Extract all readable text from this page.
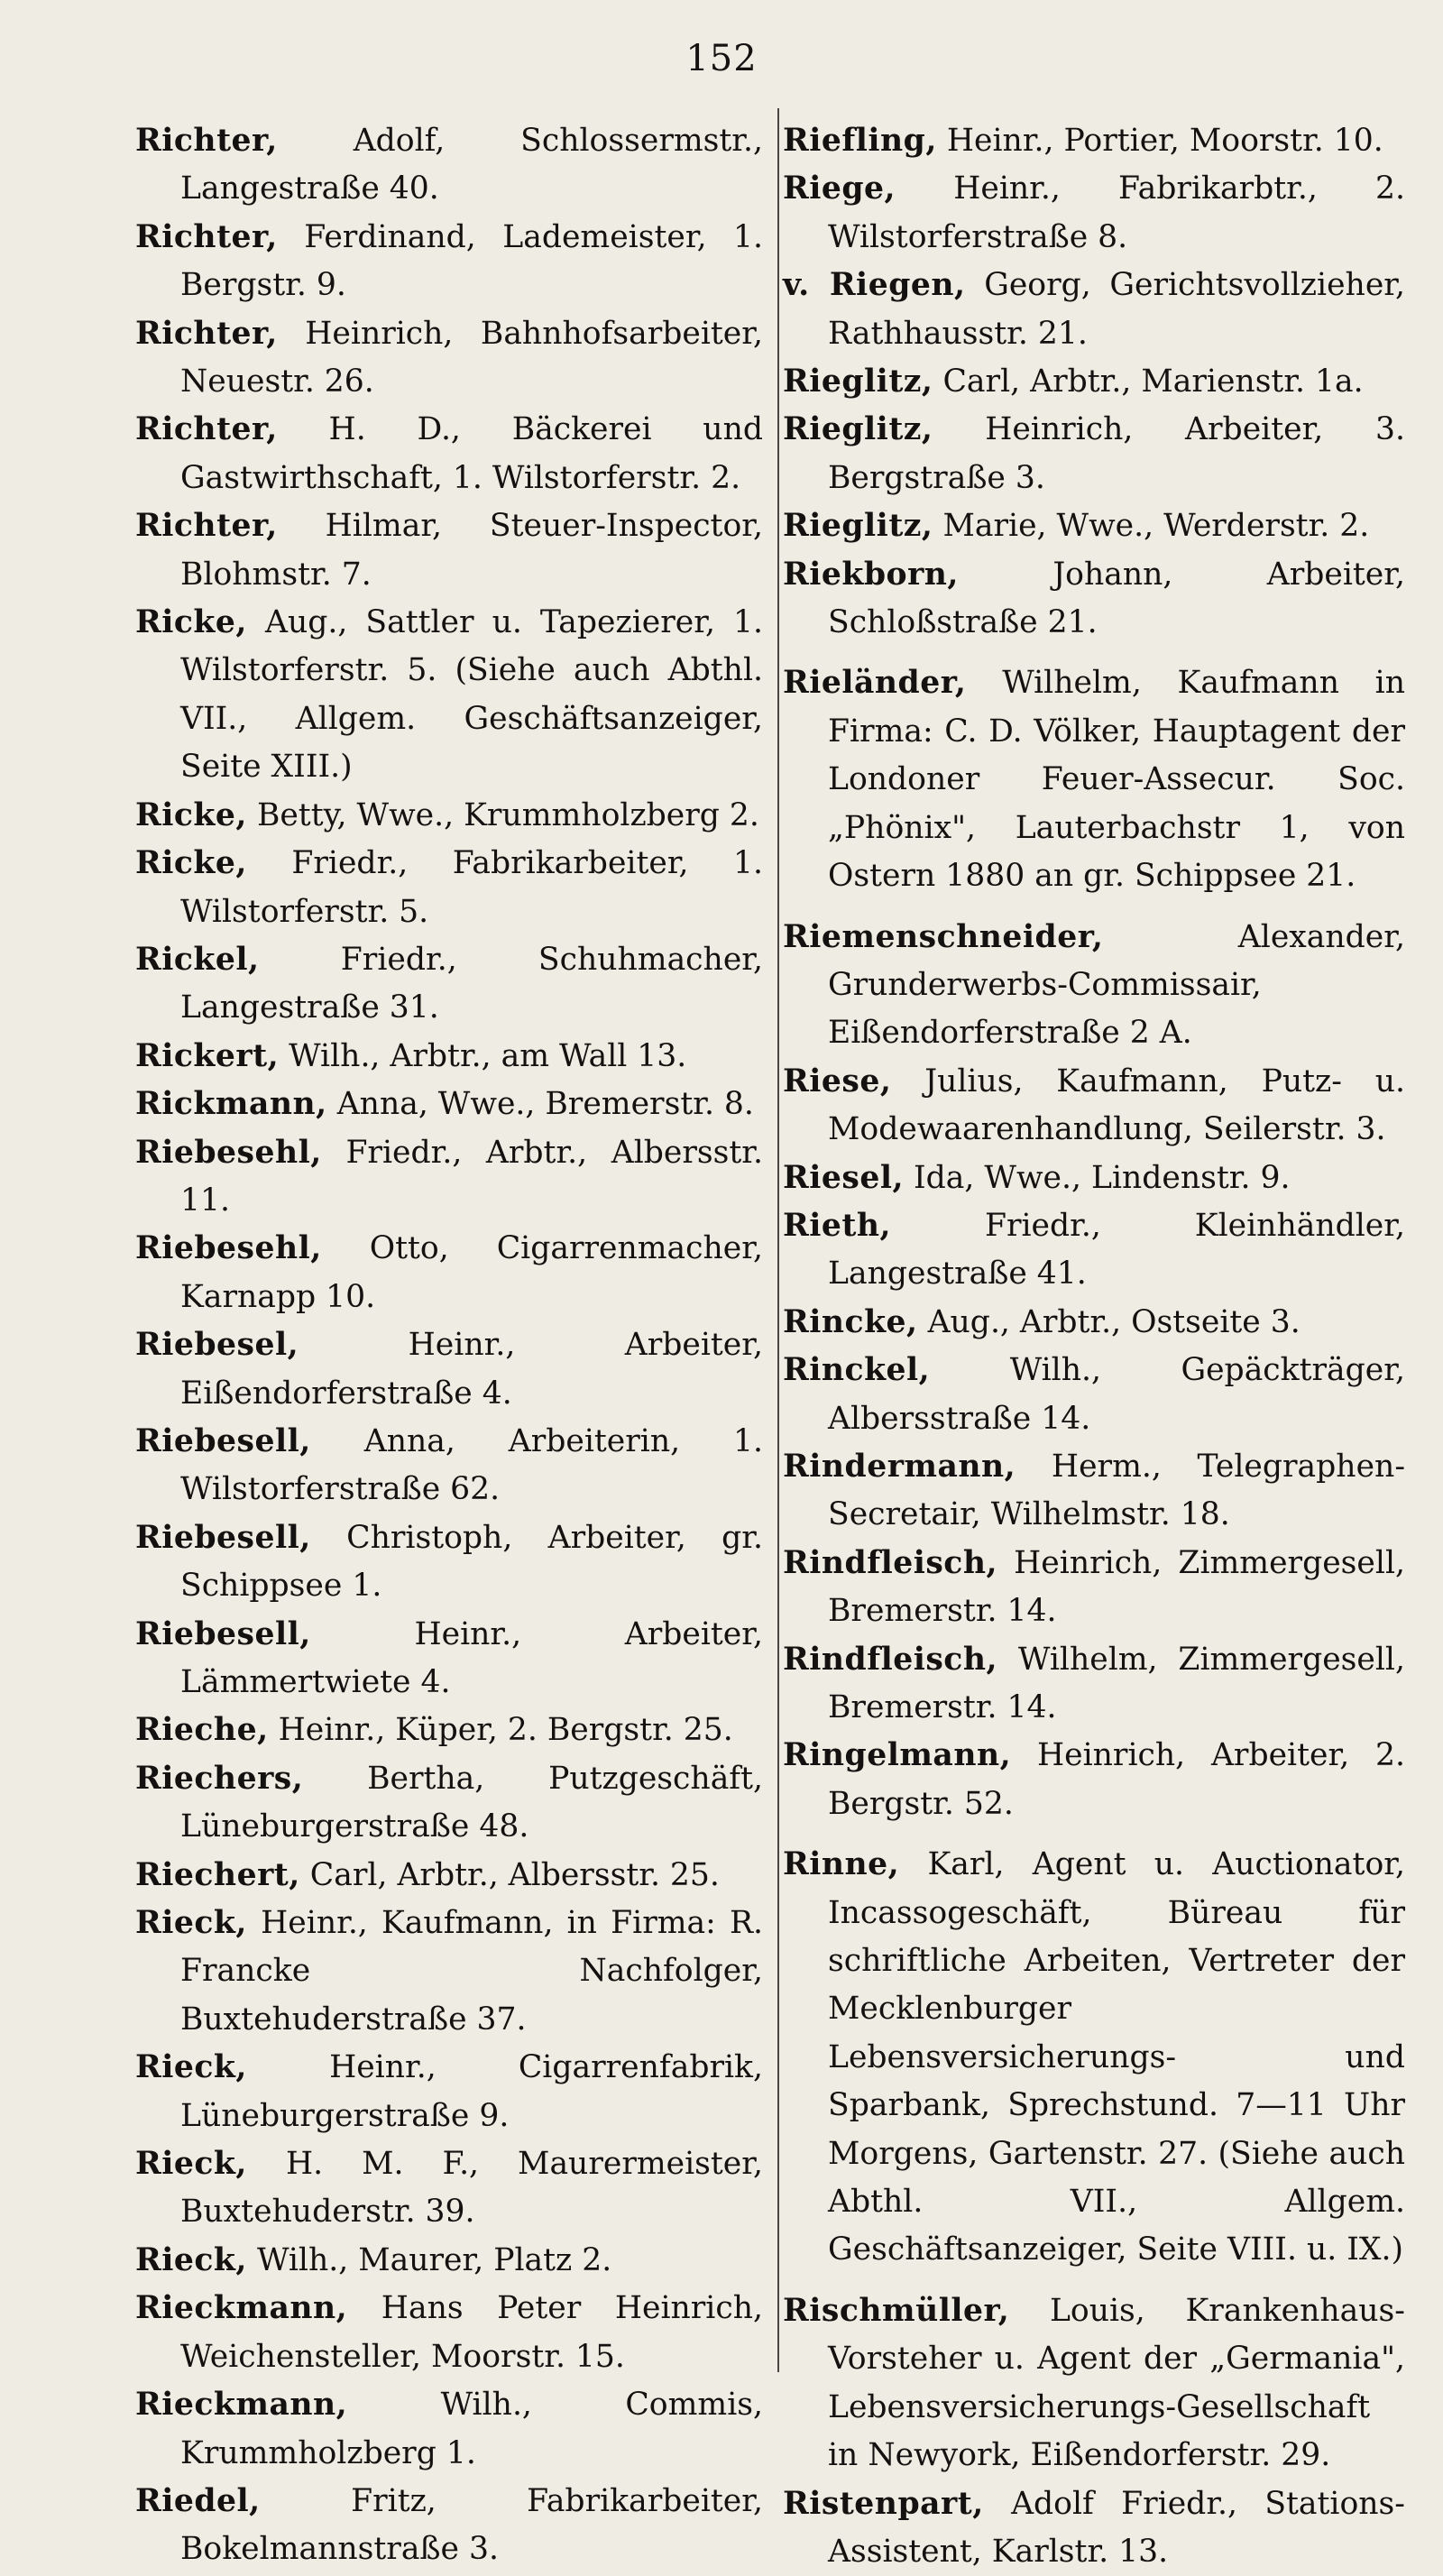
152
Richter, Adolf, Schlossermstr., Langestraße 40.
Richter, Ferdinand, Lademeister, 1. Bergstr. 9.
Richter, Heinrich, Bahnhofsarbeiter, Neuestr. 26.
Richter, H. D., Bäckerei und Gastwirthschaft, 1. Wilstorferstr. 2.
Richter, Hilmar, Steuer-Inspector, Blohmstr. 7.
Ricke, Aug., Sattler u. Tapezierer, 1. Wilstorferstr. 5. (Siehe auch Abthl. VII., Allgem. Geschäftsanzeiger, Seite XIII.)
Ricke, Betty, Wwe., Krummholzberg 2.
Ricke, Friedr., Fabrikarbeiter, 1. Wilstorferstr. 5.
Rickel,	Friedr., Schuhmacher, Langestraße 31.
Rickert, Wilh., Arbtr., am Wall 13.
Rickmann, Anna, Wwe., Bremerstr. 8.
Riebesehl, Friedr., Arbtr., Albersstr. 11.
Riebesehl, Otto, Cigarrenmacher, Karnapp 10.
Riebesel,	Heinr., Arbeiter, Eißendorferstraße 4.
Riebesell, Anna, Arbeiterin, 1. Wilstorferstraße 62.
Riebesell, Christoph, Arbeiter, gr. Schippsee 1.
Riebesell,	Heinr., Arbeiter, Lämmertwiete 4.
Rieche, Heinr., Küper, 2. Bergstr. 25.
Riechers, Bertha, Putzgeschäft, Lüneburgerstraße 48.
Riechert, Carl, Arbtr., Albersstr. 25.
Rieck, Heinr., Kaufmann, in Firma: R. Francke Nachfolger, Buxtehuderstraße 37.
Rieck,	Heinr., Cigarrenfabrik, Lüneburgerstraße 9.
Rieck, H. M. F., Maurermeister, Buxtehuderstr. 39.
Rieck, Wilh., Maurer, Platz 2.
Rieckmann, Hans Peter Heinrich, Weichensteller, Moorstr. 15.
Rieckmann,	Wilh., Commis, Krummholzberg 1.
Riedel,	Fritz, Fabrikarbeiter, Bokelmannstraße 3.
Riefling, Heinr., Portier, Moorstr. 10.
Riege, Heinr., Fabrikarbtr., 2. Wilstorferstraße 8.
v. Riegen, Georg, Gerichtsvollzieher, Rathhausstr. 21.
Rieglitz, Carl, Arbtr., Marienstr. 1a.
Rieglitz, Heinrich, Arbeiter, 3. Bergstraße 3.
Rieglitz, Marie, Wwe., Werderstr. 2.
Riekborn,	Johann, Arbeiter, Schloßstraße 21.
Rieländer, Wilhelm, Kaufmann in Firma: C. D. Völker, Hauptagent der Londoner Feuer-Assecur. Soc. „Phönix", Lauterbachstr 1, von Ostern 1880 an gr. Schippsee 21.
Riemenschneider,	Alexander, Grunderwerbs-Commissair, Eißendorferstraße 2 A.
Riese, Julius, Kaufmann, Putz- u. Modewaarenhandlung, Seilerstr. 3.
Riesel, Ida, Wwe., Lindenstr. 9.
Rieth,	Friedr., Kleinhändler, Langestraße 41.
Rincke, Aug., Arbtr., Ostseite 3.
Rinckel,	Wilh., Gepäckträger, Albersstraße 14.
Rindermann, Herm., Telegraphen-Secretair, Wilhelmstr. 18.
Rindfleisch, Heinrich, Zimmergesell, Bremerstr. 14.
Rindfleisch, Wilhelm, Zimmergesell, Bremerstr. 14.
Ringelmann, Heinrich, Arbeiter, 2. Bergstr. 52.
Rinne, Karl, Agent u. Auctionator, Incassogeschäft, Büreau für schriftliche Arbeiten, Vertreter der Mecklenburger Lebensversicherungs- und Sparbank, Sprechstund. 7—11 Uhr Morgens, Gartenstr. 27. (Siehe auch Abthl. VII., Allgem. Geschäftsanzeiger, Seite VIII. u. IX.)
Rischmüller, Louis, Krankenhaus-Vorsteher u. Agent der „Germania", Lebensversicherungs-Gesellschaft in Newyork, Eißendorferstr. 29.
Ristenpart, Adolf Friedr., Stations-Assistent, Karlstr. 13.
